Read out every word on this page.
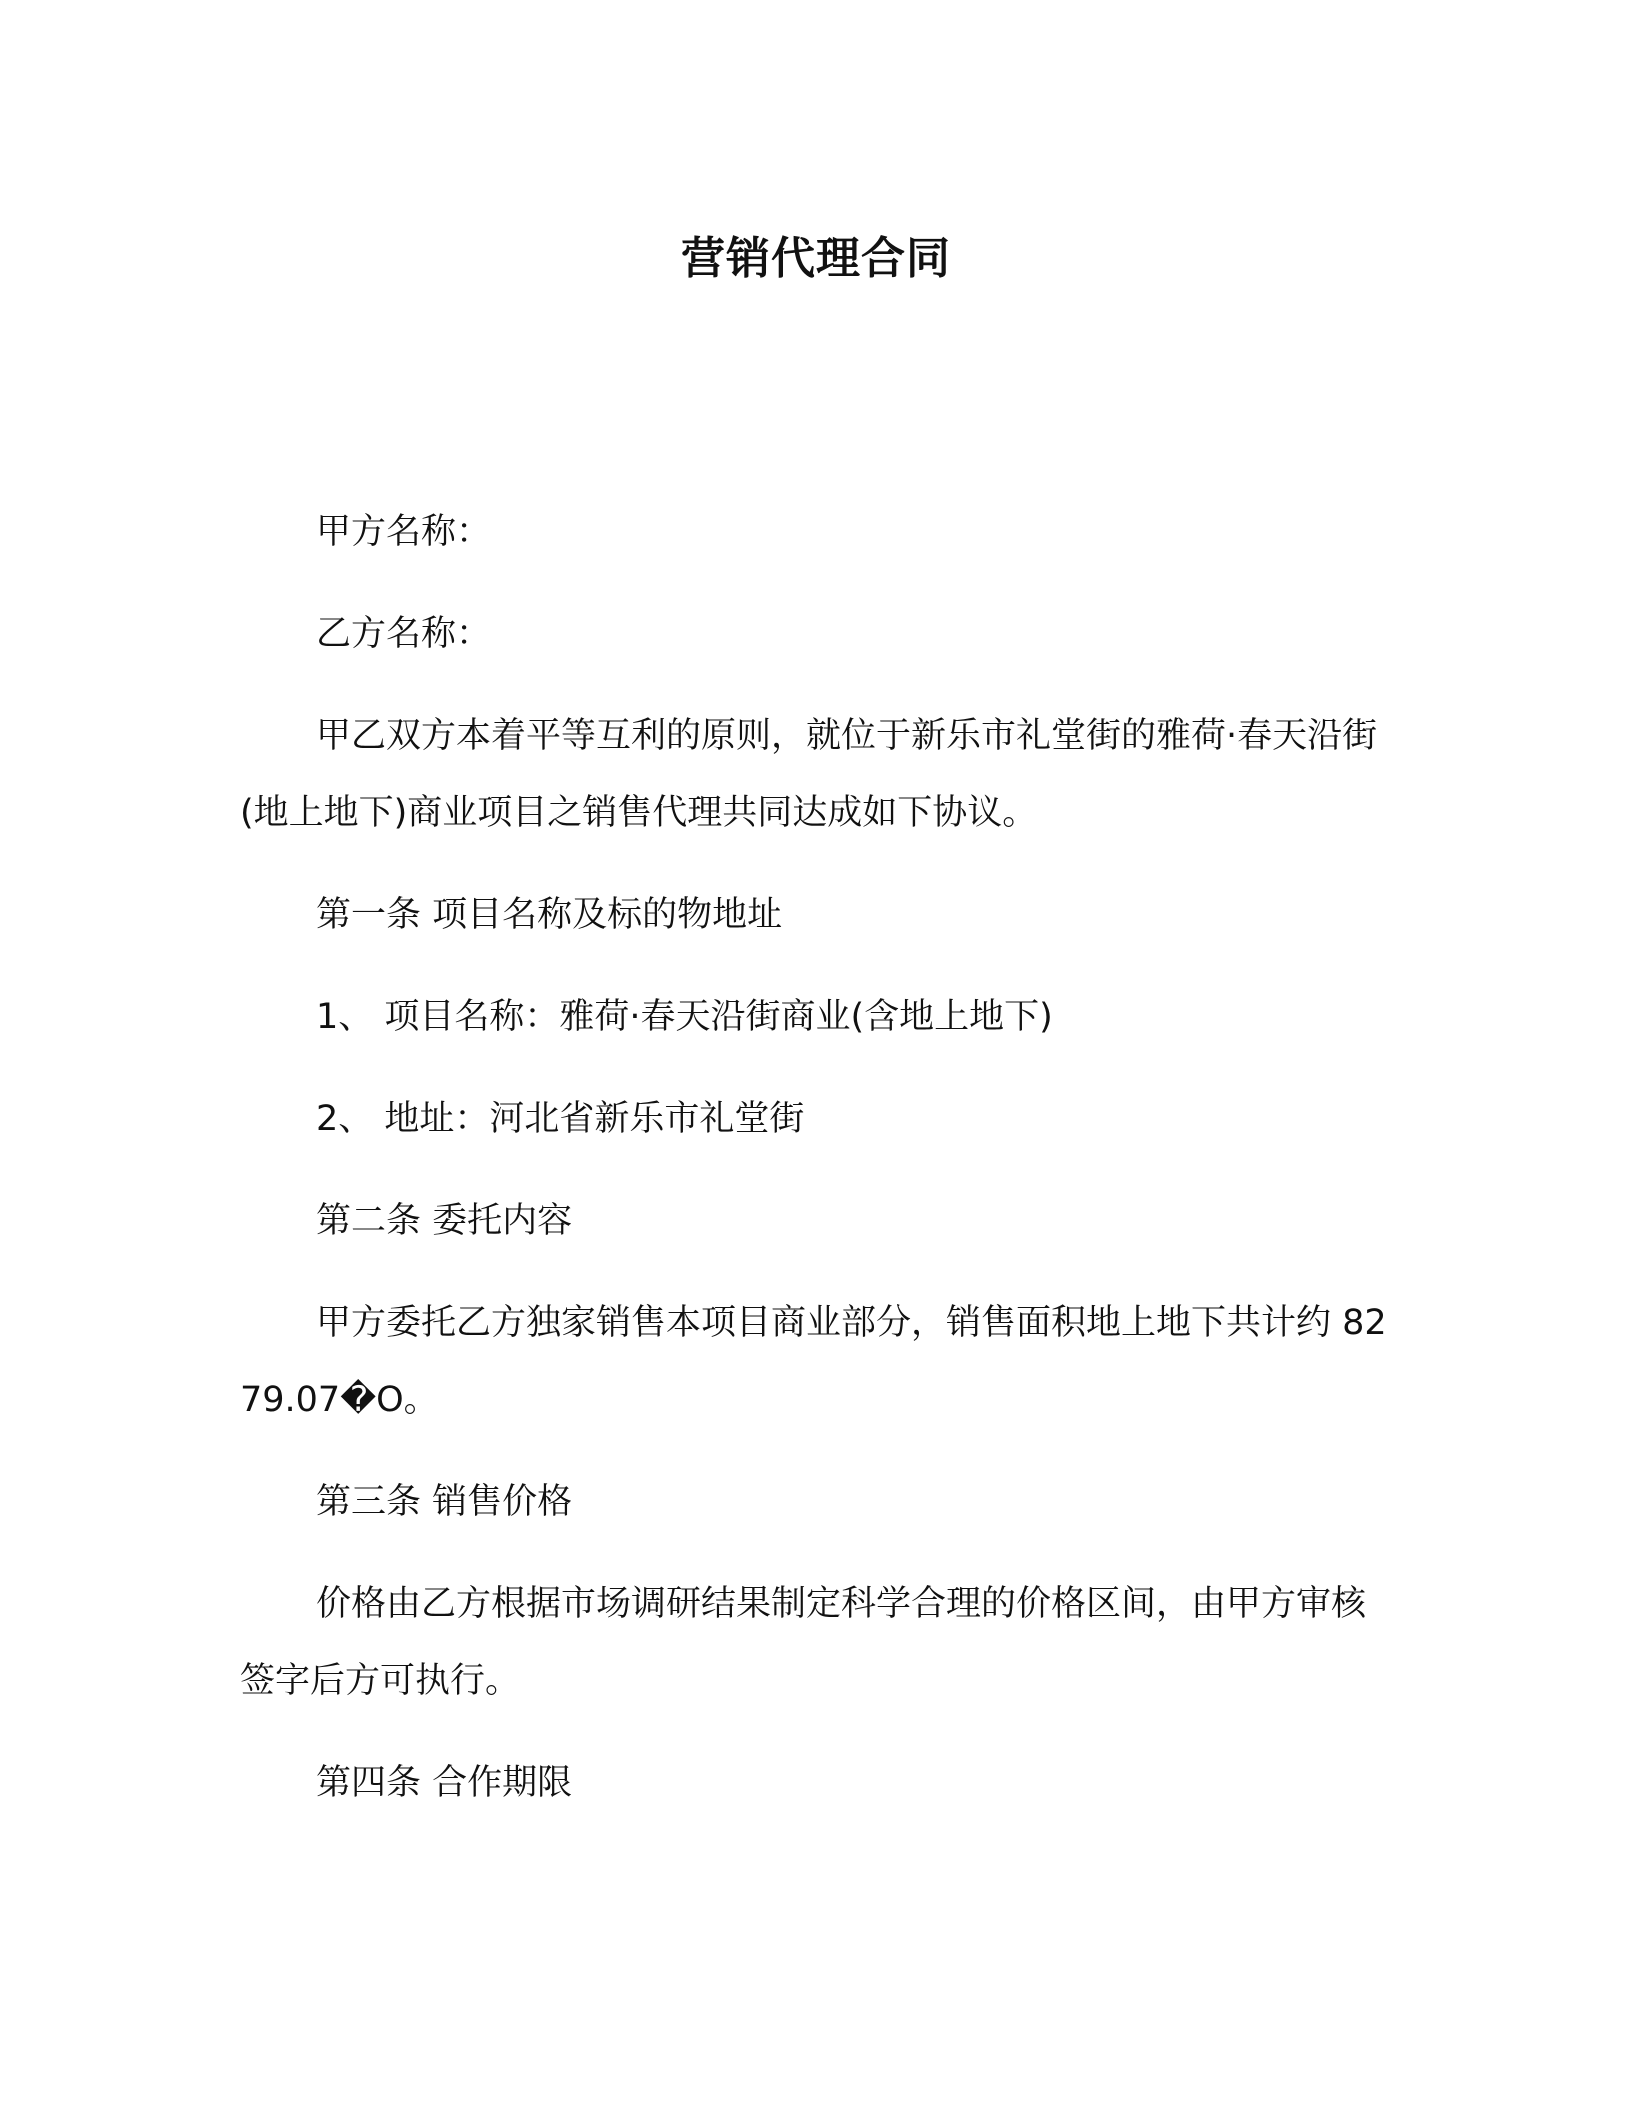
营销代理合同

甲方名称：

乙方名称：

甲乙双方本着平等互利的原则，就位于新乐市礼堂街的雅荷·春天沿街(地上地下)商业项目之销售代理共同达成如下协议。

第一条 项目名称及标的物地址

1、 项目名称：雅荷·春天沿街商业(含地上地下)

2、 地址：河北省新乐市礼堂街

第二条 委托内容

甲方委托乙方独家销售本项目商业部分，销售面积地上地下共计约 8279.07�O。

第三条 销售价格

价格由乙方根据市场调研结果制定科学合理的价格区间，由甲方审核签字后方可执行。

第四条 合作期限
